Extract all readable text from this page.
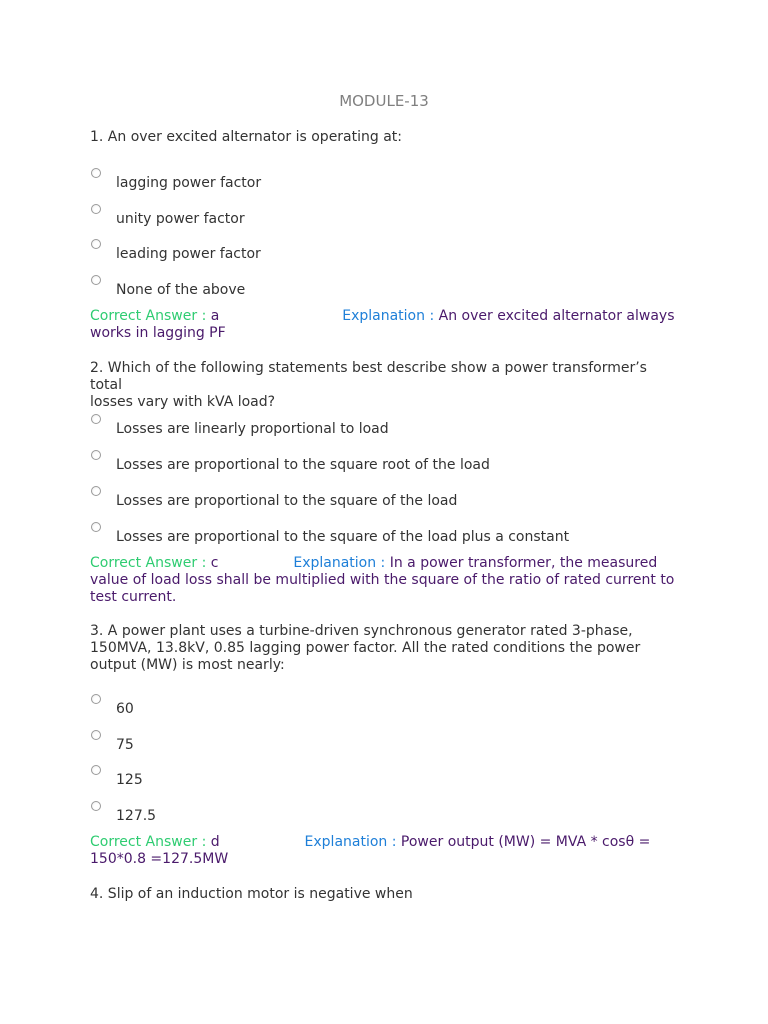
MODULE-13
1. An over excited alternator is operating at:
lagging power factor
unity power factor
leading power factor
None of the above
Correct Answer : a	Explanation : An over excited alternator always
works in lagging PF
2. Which of the following statements best describe show a power transformer’s total
losses vary with kVA load?
Losses are linearly proportional to load
Losses are proportional to the square root of the load
Losses are proportional to the square of the load
Losses are proportional to the square of the load plus a constant
Correct Answer : c	Explanation : In a power transformer, the measured
value of load loss shall be multiplied with the square of the ratio of rated current to
test current.
3. A power plant uses a turbine-driven synchronous generator rated 3-phase,
150MVA, 13.8kV, 0.85 lagging power factor. All the rated conditions the power
output (MW) is most nearly:
60
75
125
127.5
Correct Answer : d	Explanation : Power output (MW) = MVA * cosθ =
150*0.8 =127.5MW
4. Slip of an induction motor is negative when
